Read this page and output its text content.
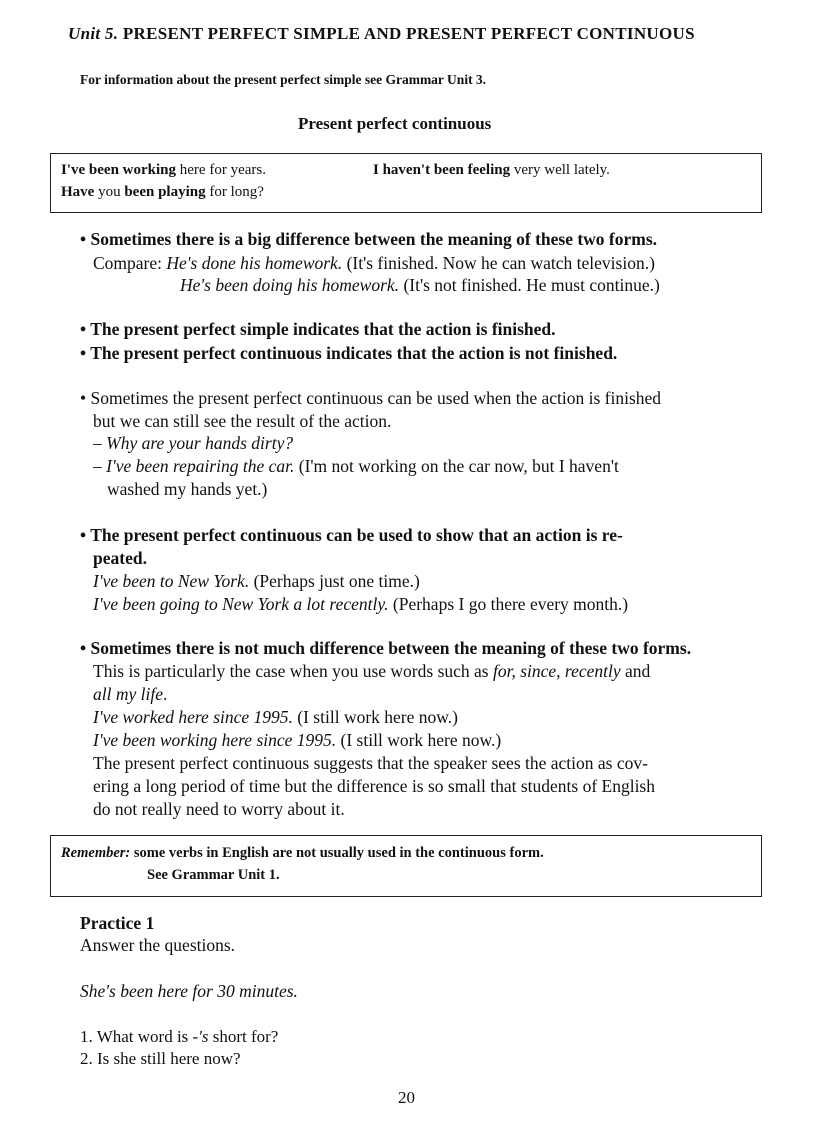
Unit 5. PRESENT PERFECT SIMPLE AND PRESENT PERFECT CONTINUOUS
For information about the present perfect simple see Grammar Unit 3.
Present perfect continuous
I've been working here for years.	I haven't been feeling very well lately.
Have you been playing for long?
• Sometimes there is a big difference between the meaning of these two forms.
Compare: He's done his homework. (It's finished. Now he can watch television.)
He's been doing his homework. (It's not finished. He must continue.)
• The present perfect simple indicates that the action is finished.
• The present perfect continuous indicates that the action is not finished.
• Sometimes the present perfect continuous can be used when the action is finished
but we can still see the result of the action.
– Why are your hands dirty?
– I've been repairing the car. (I'm not working on the car now, but I haven't
washed my hands yet.)
• The present perfect continuous can be used to show that an action is re-
peated.
I've been to New York. (Perhaps just one time.)
I've been going to New York a lot recently. (Perhaps I go there every month.)
• Sometimes there is not much difference between the meaning of these two forms.
This is particularly the case when you use words such as for, since, recently and
all my life.
I've worked here since 1995. (I still work here now.)
I've been working here since 1995. (I still work here now.)
The present perfect continuous suggests that the speaker sees the action as cov-
ering a long period of time but the difference is so small that students of English
do not really need to worry about it.
Remember: some verbs in English are not usually used in the continuous form.
See Grammar Unit 1.
Practice 1
Answer the questions.
She's been here for 30 minutes.
1. What word is -'s short for?
2. Is she still here now?
20
